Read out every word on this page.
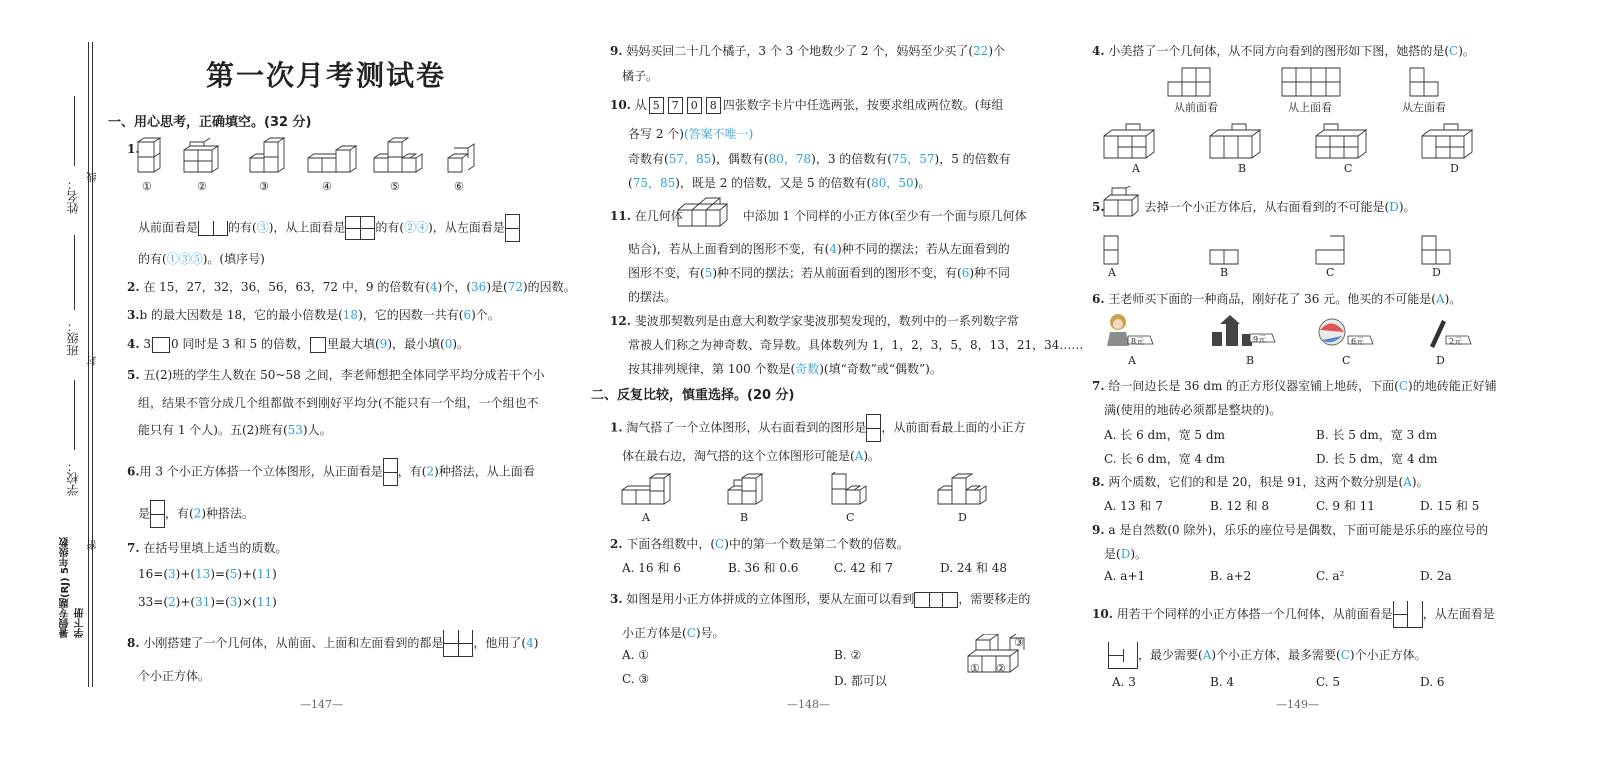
姓名：
线
班级：
封
学校：
密
暑假专题(RJ) 5年级数学下册
第一次月考测试卷
一、用心思考，正确填空。(32 分)
1.
①	②	③	④	⑤	⑥
从前面看是	的有(③)，从上面看是	的有(②④)，从左面看是
的有(①③⑤)。(填序号)
2. 在 15，27，32，36，56，63，72 中，9 的倍数有(4)个，(36)是(72)的因数。
3.b 的最大因数是 18，它的最小倍数是(18)，它的因数一共有(6)个。
4. 3 0 同时是 3 和 5 的倍数， 里最大填(9)，最小填(0)。
5. 五(2)班的学生人数在 50~58 之间，李老师想把全体同学平均分成若干个小
组，结果不管分成几个组都做不到刚好平均分(不能只有一个组，一个组也不
能只有 1 个人)。五(2)班有(53)人。
6.用 3 个小正方体搭一个立体图形，从正面看是 ，有(2)种搭法，从上面看
是 ，有(2)种搭法。
7. 在括号里填上适当的质数。
16=(3)+(13)=(5)+(11)
33=(2)+(31)=(3)×(11)
8. 小刚搭建了一个几何体，从前面、上面和左面看到的都是	，他用了(4)
个小正方体。
—147—
9. 妈妈买回二十几个橘子，3 个 3 个地数少了 2 个，妈妈至少买了(22)个
橘子。
10. 从 5 7 0 8 四张数字卡片中任选两张，按要求组成两位数。(每组
各写 2 个)(答案不唯一)
奇数有(57，85)，偶数有(80，78)，3 的倍数有(75，57)，5 的倍数有
(75，85)，既是 2 的倍数，又是 5 的倍数有(80，50)。
11. 在几何体	中添加 1 个同样的小正方体(至少有一个面与原几何体
贴合)，若从上面看到的图形不变，有(4)种不同的摆法；若从左面看到的
图形不变，有(5)种不同的摆法；若从前面看到的图形不变，有(6)种不同
的摆法。
12. 斐波那契数列是由意大利数学家斐波那契发现的，数列中的一系列数字常
常被人们称之为神奇数、奇异数。具体数列为 1，1，2，3，5，8，13，21，34……
按其排列规律，第 100 个数是(奇数)(填“奇数”或“偶数”)。
二、反复比较，慎重选择。(20 分)
1. 淘气搭了一个立体图形，从右面看到的图形是 ，从前面看最上面的小正方
体在最右边，淘气搭的这个立体图形可能是(A)。
A	B	C	D
2. 下面各组数中，(C)中的第一个数是第二个数的倍数。
A. 16 和 6	B. 36 和 0.6	C. 42 和 7	D. 24 和 48
3. 如图是用小正方体拼成的立体图形，要从左面可以看到	，需要移走的
小正方体是(C)号。
A. ①	B. ②
C. ③	D. 都可以
① ②
③
—148—
4. 小美搭了一个几何体，从不同方向看到的图形如下图，她搭的是(C)。
从前面看	从上面看	从左面看
A	B	C	D
5.	去掉一个小正方体后，从右面看到的不可能是(D)。
A	B	C	D
6. 王老师买下面的一种商品，刚好花了 36 元。他买的不可能是(A)。
8元	9元	6元	2元
A	B	C	D
7. 给一间边长是 36 dm 的正方形仪器室铺上地砖，下面(C)的地砖能正好铺
满(使用的地砖必须都是整块的)。
A. 长 6 dm，宽 5 dm	B. 长 5 dm，宽 3 dm
C. 长 6 dm，宽 4 dm	D. 长 5 dm，宽 4 dm
8. 两个质数，它们的和是 20，积是 91，这两个数分别是(A)。
A. 13 和 7	B. 12 和 8	C. 9 和 11	D. 15 和 5
9. a 是自然数(0 除外)，乐乐的座位号是偶数，下面可能是乐乐的座位号的
是(D)。
A. a+1	B. a+2	C. a²	D. 2a
10. 用若干个同样的小正方体搭一个几何体，从前面看是	，从左面看是
，最少需要(A)个小正方体，最多需要(C)个小正方体。
A. 3	B. 4	C. 5	D. 6
—149—
